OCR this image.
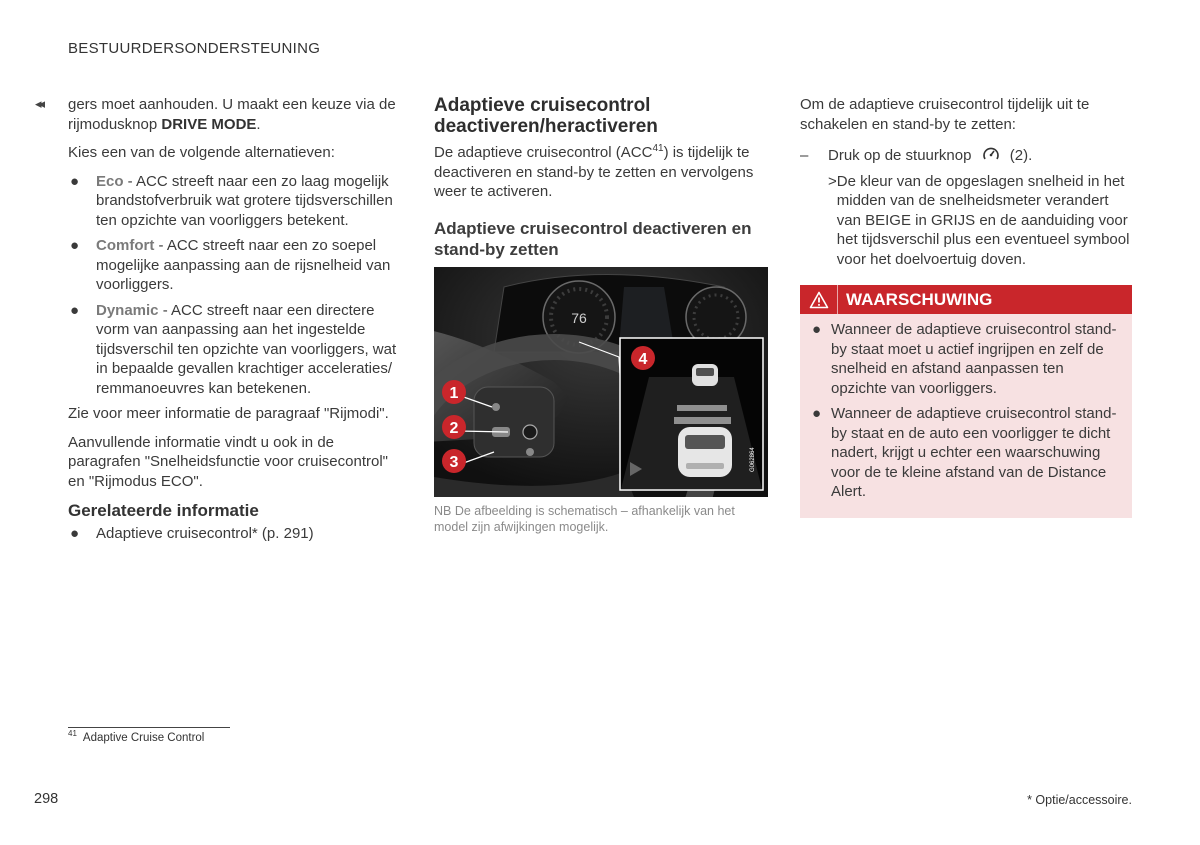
BESTUURDERSONDERSTEUNING
◂◂ gers moet aanhouden. U maakt een keuze via de rijmodusknop DRIVE MODE.

Kies een van de volgende alternatieven:

● Eco - ACC streeft naar een zo laag mogelijk brandstofverbruik wat grotere tijdsverschillen ten opzichte van voorliggers betekent.
● Comfort - ACC streeft naar een zo soepel mogelijke aanpassing aan de rijsnelheid van voorliggers.
● Dynamic - ACC streeft naar een directere vorm van aanpassing aan het ingestelde tijdsverschil ten opzichte van voorliggers, wat in bepaalde gevallen krachtiger acceleraties/ remmanoeuvres kan betekenen.

Zie voor meer informatie de paragraaf "Rijmodi".

Aanvullende informatie vindt u ook in de paragrafen "Snelheidsfunctie voor cruisecontrol" en "Rijmodus ECO".

Gerelateerde informatie
● Adaptieve cruisecontrol* (p. 291)
Adaptieve cruisecontrol deactiveren/heractiveren

De adaptieve cruisecontrol (ACC$^{41}$) is tijdelijk te deactiveren en stand-by te zetten en vervolgens weer te activeren.

Adaptieve cruisecontrol deactiveren en stand-by zetten
76
G062864
1
2
3
4
NB De afbeelding is schematisch – afhankelijk van het model zijn afwijkingen mogelijk.

Om de adaptieve cruisecontrol tijdelijk uit te schakelen en stand-by te zetten:

–	Druk op de stuurknop	(2).
> De kleur van de opgeslagen snelheid in het midden van de snelheidsmeter verandert van BEIGE in GRIJS en de aanduiding voor het tijdsverschil plus een eventueel symbool voor het doelvoertuig doven.
WAARSCHUWING
● Wanneer de adaptieve cruisecontrol stand-by staat moet u actief ingrijpen en zelf de snelheid en afstand aanpassen ten opzichte van voorliggers.
● Wanneer de adaptieve cruisecontrol stand-by staat en de auto een voorligger te dicht nadert, krijgt u echter een waarschuwing voor de te kleine afstand van de Distance Alert.
$^{41}$ Adaptive Cruise Control
298	* Optie/accessoire.
